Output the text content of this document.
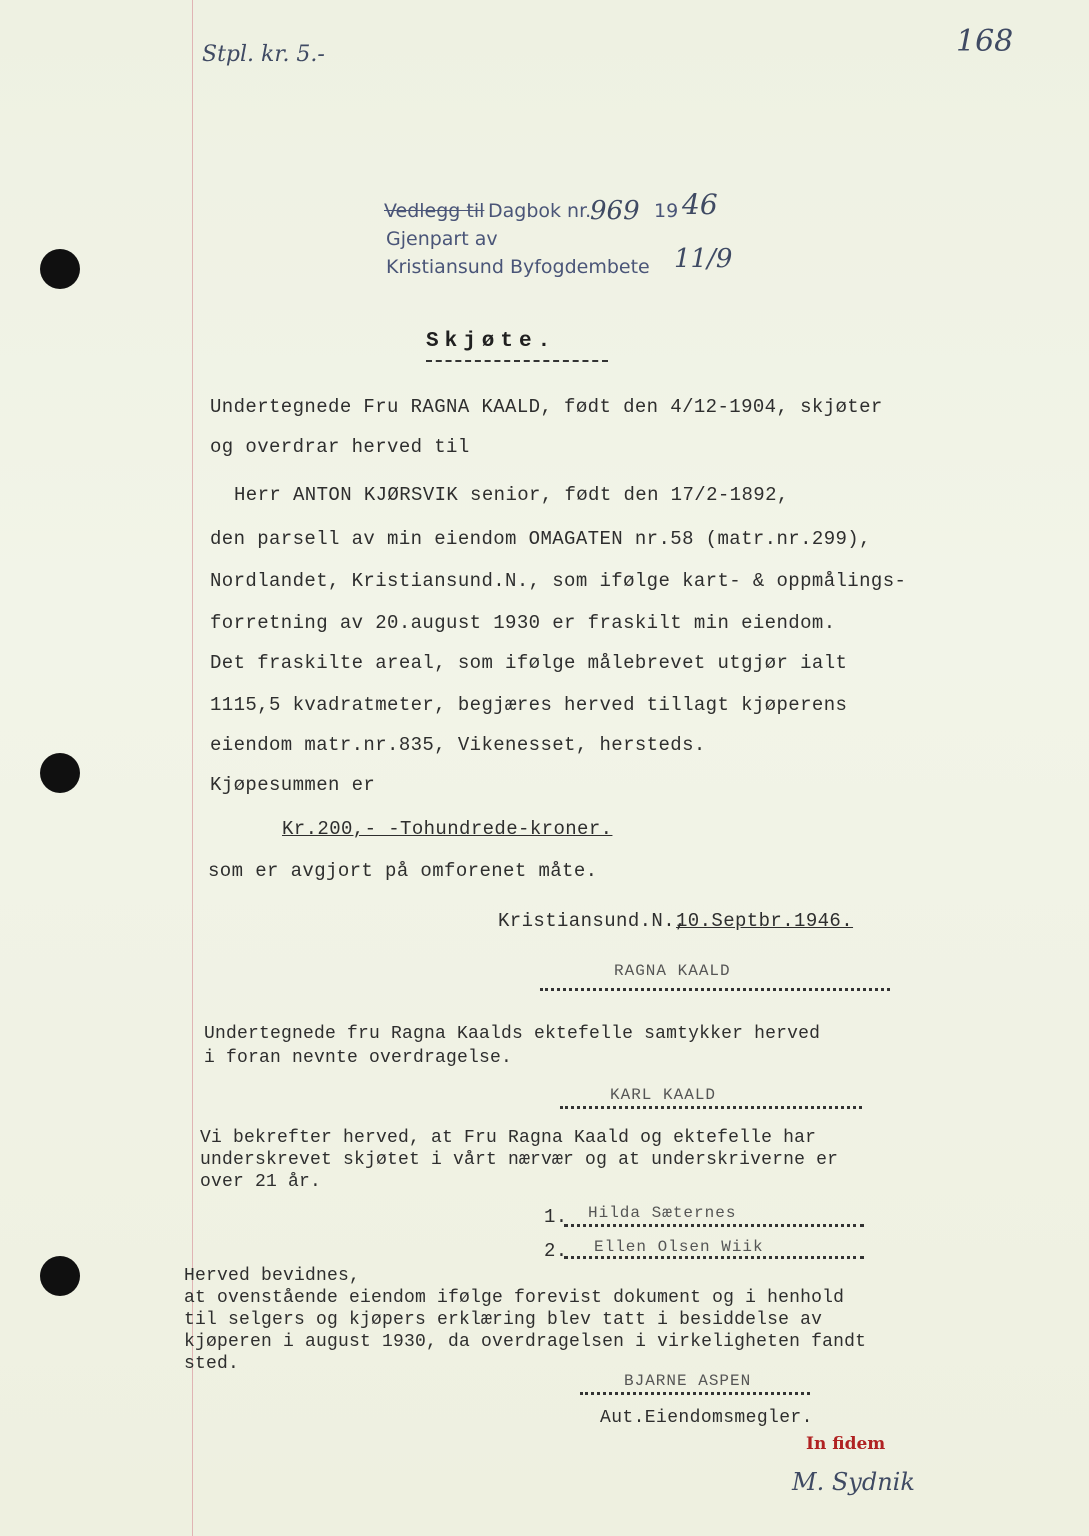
Stpl. kr. 5.-	168
Vedlegg til Dagbok nr.
969 19 46
Gjenpart av
Kristiansund Byfogdembete 11/9
Skjøte.
Undertegnede Fru RAGNA KAALD, født den 4/12-1904, skjøter
og overdrar herved til
Herr ANTON KJØRSVIK senior, født den 17/2-1892,
den parsell av min eiendom OMAGATEN nr.58 (matr.nr.299),
Nordlandet, Kristiansund.N., som ifølge kart- & oppmålings-
forretning av 20.august 1930 er fraskilt min eiendom.
Det fraskilte areal, som ifølge målebrevet utgjør ialt
1115,5 kvadratmeter, begjæres herved tillagt kjøperens
eiendom matr.nr.835, Vikenesset, hersteds.
Kjøpesummen er
Kr.200,- -Tohundrede-kroner.
som er avgjort på omforenet måte.
Kristiansund.N.,
10.Septbr.1946.
RAGNA KAALD
Undertegnede fru Ragna Kaalds ektefelle samtykker herved
i foran nevnte overdragelse.
KARL KAALD
Vi bekrefter herved, at Fru Ragna Kaald og ektefelle har
underskrevet skjøtet i vårt nærvær og at underskriverne er
over 21 år.
1. Hilda Sæternes
2. Ellen Olsen Wiik
Herved bevidnes,
at ovenstående eiendom ifølge forevist dokument og i henhold
til selgers og kjøpers erklæring blev tatt i besiddelse av
kjøperen i august 1930, da overdragelsen i virkeligheten fandt
sted.
BJARNE ASPEN
Aut.Eiendomsmegler.
In fidem
M. Sydnik
